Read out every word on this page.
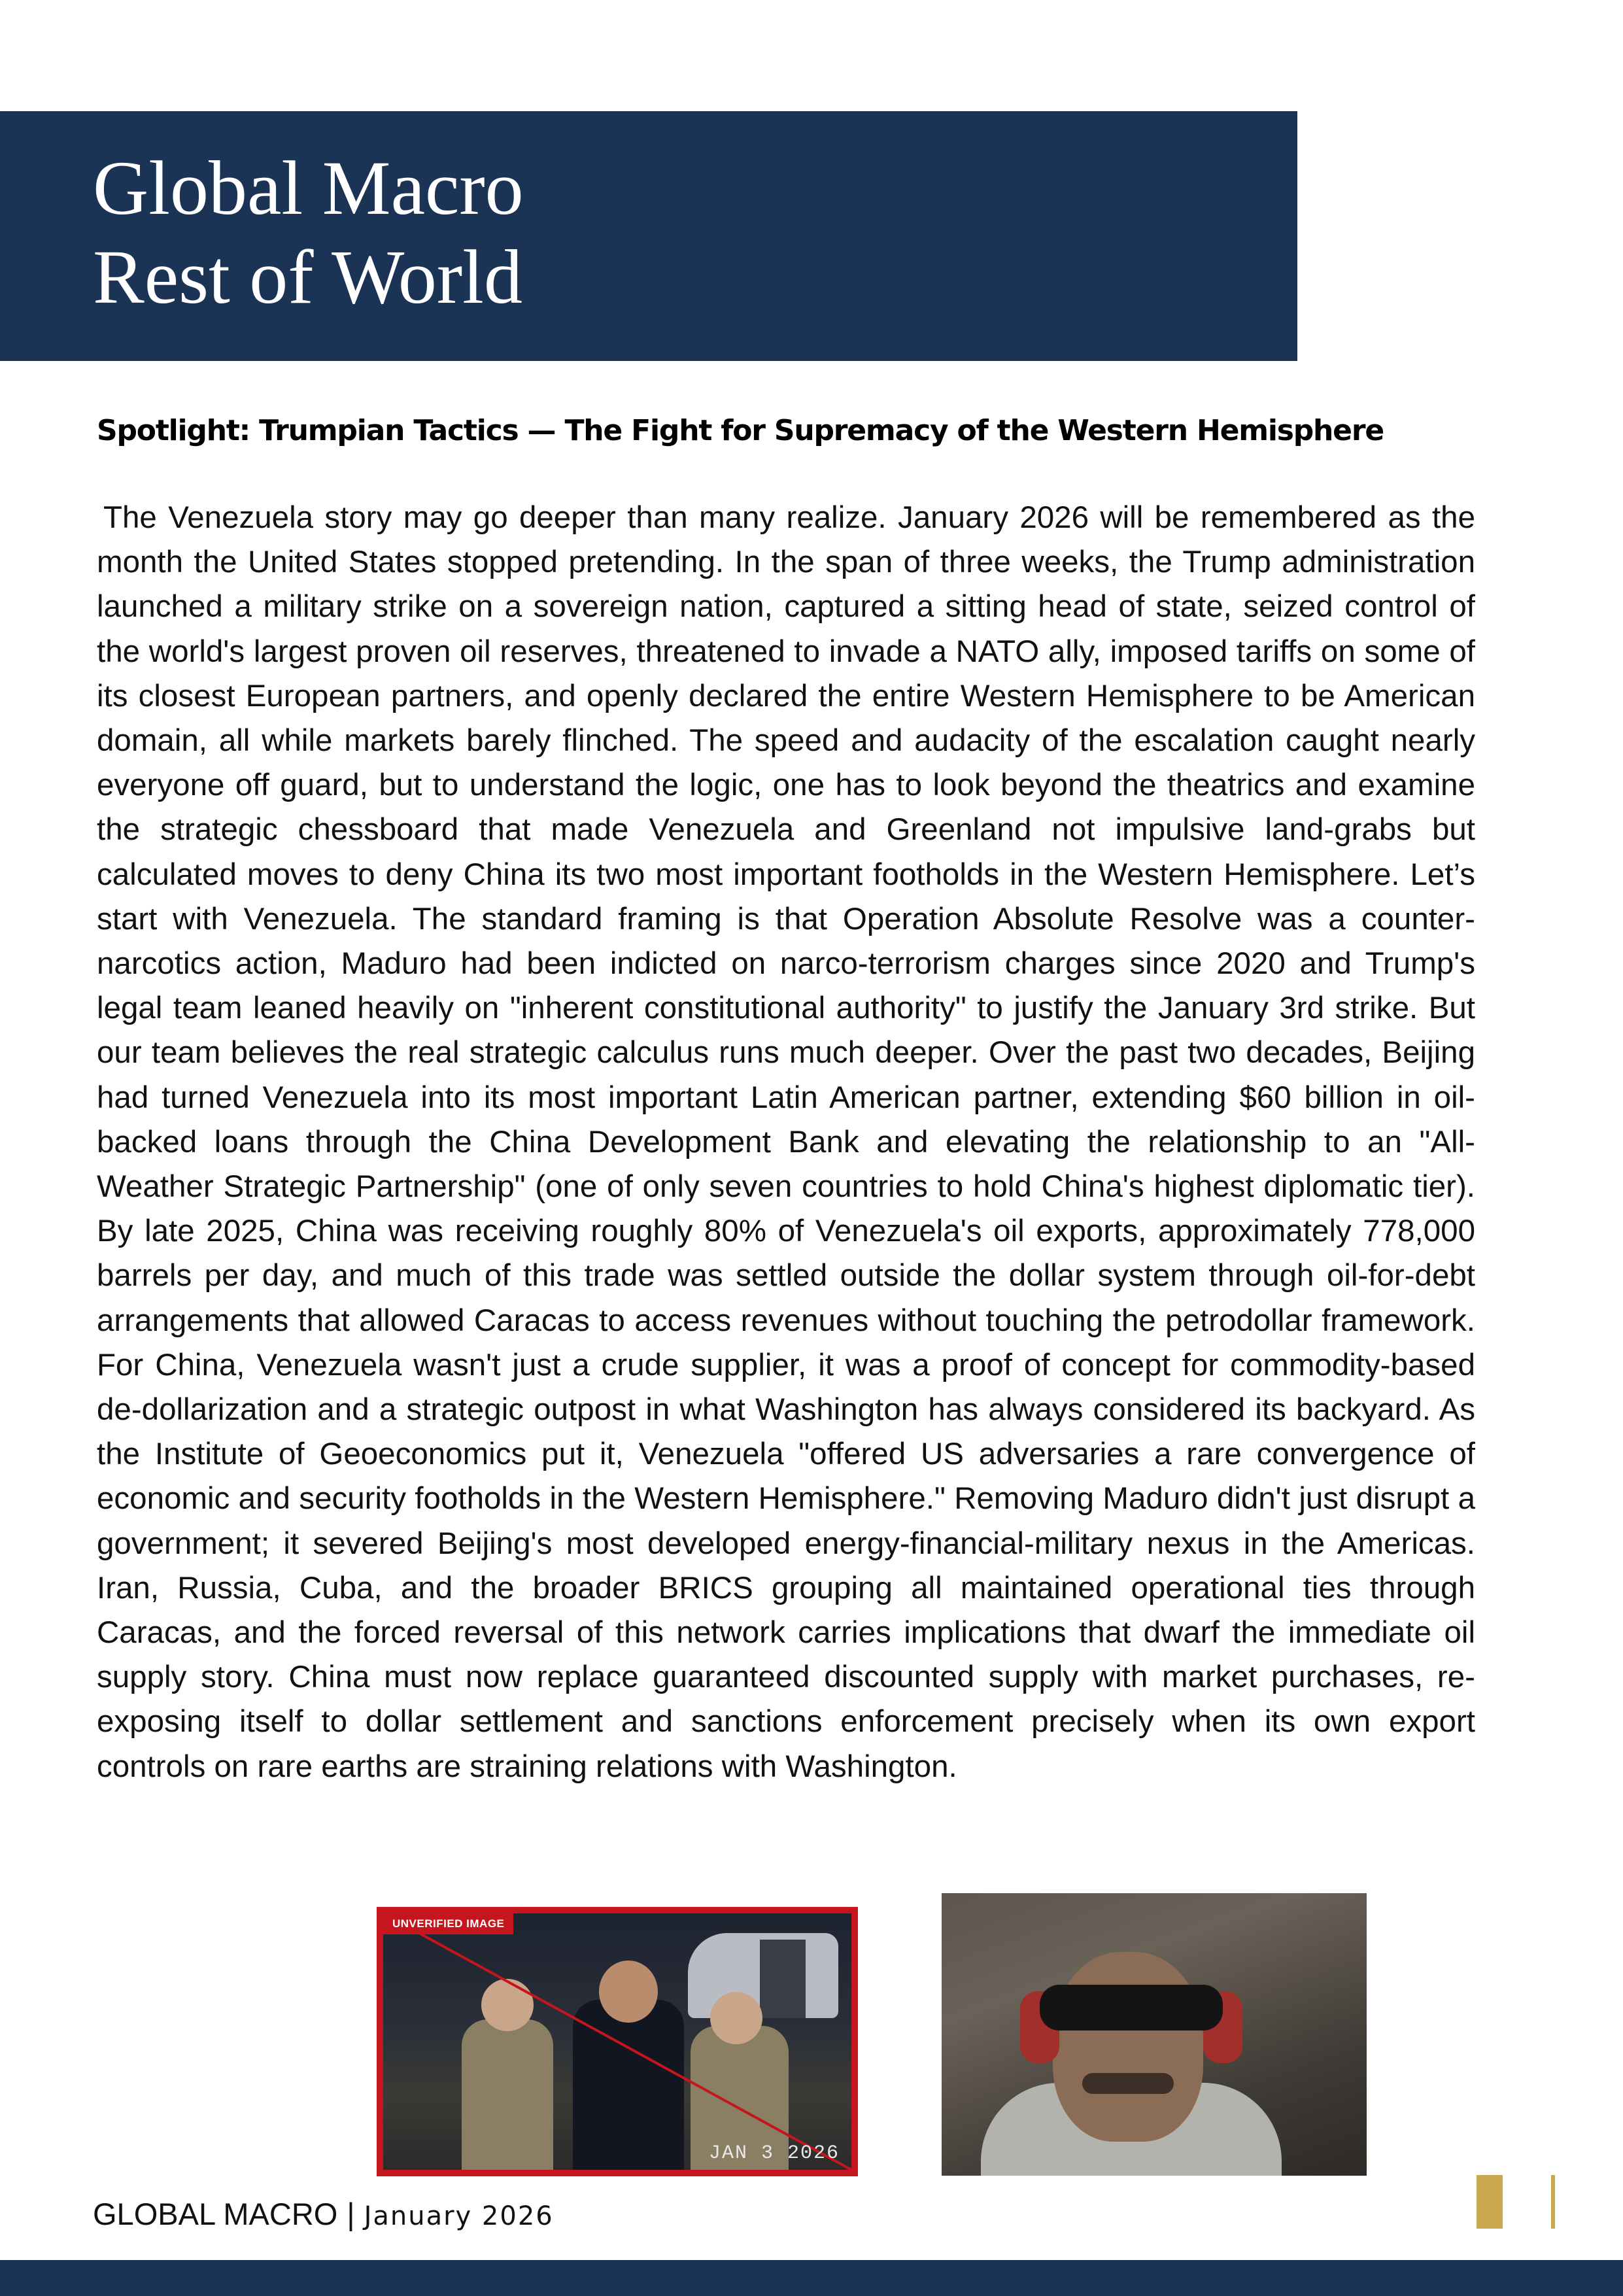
Global Macro
Rest of World
Spotlight: Trumpian Tactics — The Fight for Supremacy of the Western Hemisphere

The Venezuela story may go deeper than many realize. January 2026 will be remembered as the month the United States stopped pretending. In the span of three weeks, the Trump administration launched a military strike on a sovereign nation, captured a sitting head of state, seized control of the world's largest proven oil reserves, threatened to invade a NATO ally, imposed tariffs on some of its closest European partners, and openly declared the entire Western Hemisphere to be American domain, all while markets barely flinched. The speed and audacity of the escalation caught nearly everyone off guard, but to understand the logic, one has to look beyond the theatrics and examine the strategic chessboard that made Venezuela and Greenland not impulsive land-grabs but calculated moves to deny China its two most important footholds in the Western Hemisphere. Let’s start with Venezuela. The standard framing is that Operation Absolute Resolve was a counter-narcotics action, Maduro had been indicted on narco-terrorism charges since 2020 and Trump's legal team leaned heavily on "inherent constitutional authority" to justify the January 3rd strike. But our team believes the real strategic calculus runs much deeper. Over the past two decades, Beijing had turned Venezuela into its most important Latin American partner, extending $60 billion in oil-backed loans through the China Development Bank and elevating the relationship to an "All-Weather Strategic Partnership" (one of only seven countries to hold China's highest diplomatic tier). By late 2025, China was receiving roughly 80% of Venezuela's oil exports, approximately 778,000 barrels per day, and much of this trade was settled outside the dollar system through oil-for-debt arrangements that allowed Caracas to access revenues without touching the petrodollar framework. For China, Venezuela wasn't just a crude supplier, it was a proof of concept for commodity-based de-dollarization and a strategic outpost in what Washington has always considered its backyard. As the Institute of Geoeconomics put it, Venezuela "offered US adversaries a rare convergence of economic and security footholds in the Western Hemisphere." Removing Maduro didn't just disrupt a government; it severed Beijing's most developed energy-financial-military nexus in the Americas. Iran, Russia, Cuba, and the broader BRICS grouping all maintained operational ties through Caracas, and the forced reversal of this network carries implications that dwarf the immediate oil supply story. China must now replace guaranteed discounted supply with market purchases, re-exposing itself to dollar settlement and sanctions enforcement precisely when its own export controls on rare earths are straining relations with Washington.

UNVERIFIED IMAGE
JAN 3 2026
GLOBAL MACRO | January 2026
